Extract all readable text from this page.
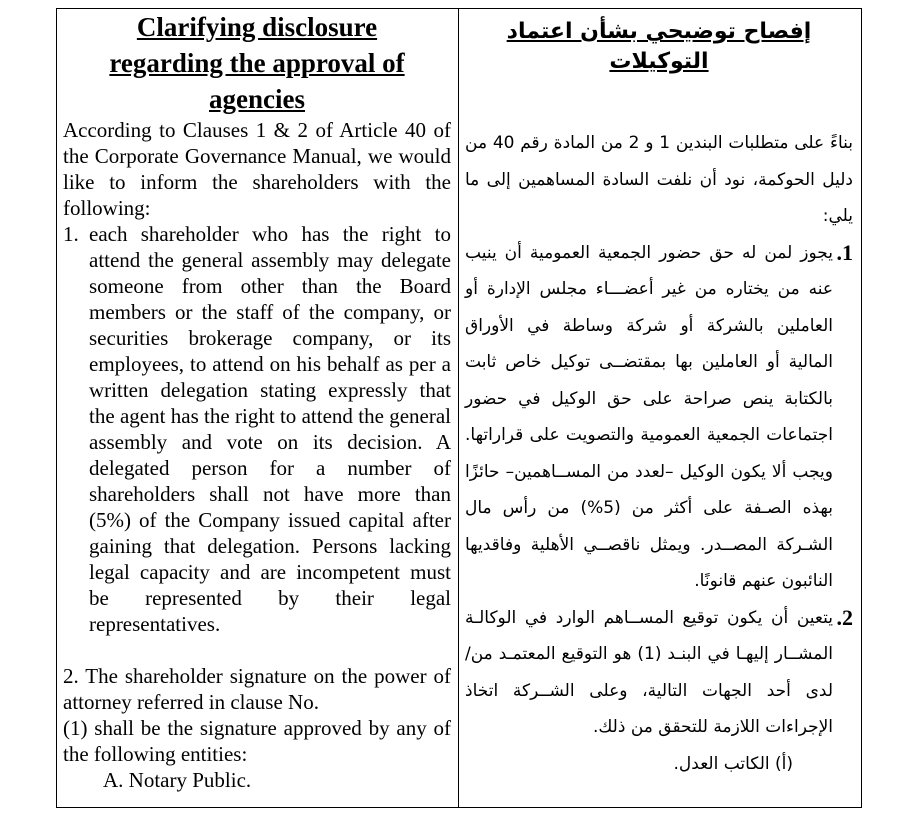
Clarifying disclosure
regarding the approval of
agencies

According to Clauses 1 & 2 of Article 40 of the Corporate Governance Manual, we would like to inform the shareholders with the following:

1. each shareholder who has the right to attend the general assembly may delegate someone from other than the Board members or the staff of the company, or securities brokerage company, or its employees, to attend on his behalf as per a written delegation stating expressly that the agent has the right to attend the general assembly and vote on its decision. A delegated person for a number of shareholders shall not have more than (5%) of the Company issued capital after gaining that delegation. Persons lacking legal capacity and are incompetent must be represented by their legal representatives.

2. The shareholder signature on the power of attorney referred in clause No.

(1) shall be the signature approved by any of the following entities:

A. Notary Public.

إفصاح توضيحي بشأن اعتماد التوكيلات

بناءً على متطلبات البندين 1 و 2 من المادة رقم 40 من دليل الحوكمة، نود أن نلفت السادة المساهمين إلى ما يلي:

1.
يجوز لمن له حق حضور الجمعية العمومية أن ينيب عنه من يختاره من غير أعضـــاء مجلس الإدارة أو العاملين بالشركة أو شركة وساطة في الأوراق المالية أو العاملين بها بمقتضــى توكيل خاص ثابت بالكتابة ينص صراحة على حق الوكيل في حضور اجتماعات الجمعية العمومية والتصويت على قراراتها. ويجب ألا يكون الوكيل –لعدد من المســاهمين– حائزًا بهذه الصـفة على أكثر من (5%) من رأس مال الشـركة المصــدر. ويمثل ناقصــي الأهلية وفاقديها النائبون عنهم قانونًا.
2.
يتعين أن يكون توقيع المســاهم الوارد في الوكالـة المشــار إليهـا في البنـد (1) هو التوقيع المعتمـد من/لدى أحد الجهات التالية، وعلى الشــركة اتخاذ الإجراءات اللازمة للتحقق من ذلك.
(أ) الكاتب العدل.
